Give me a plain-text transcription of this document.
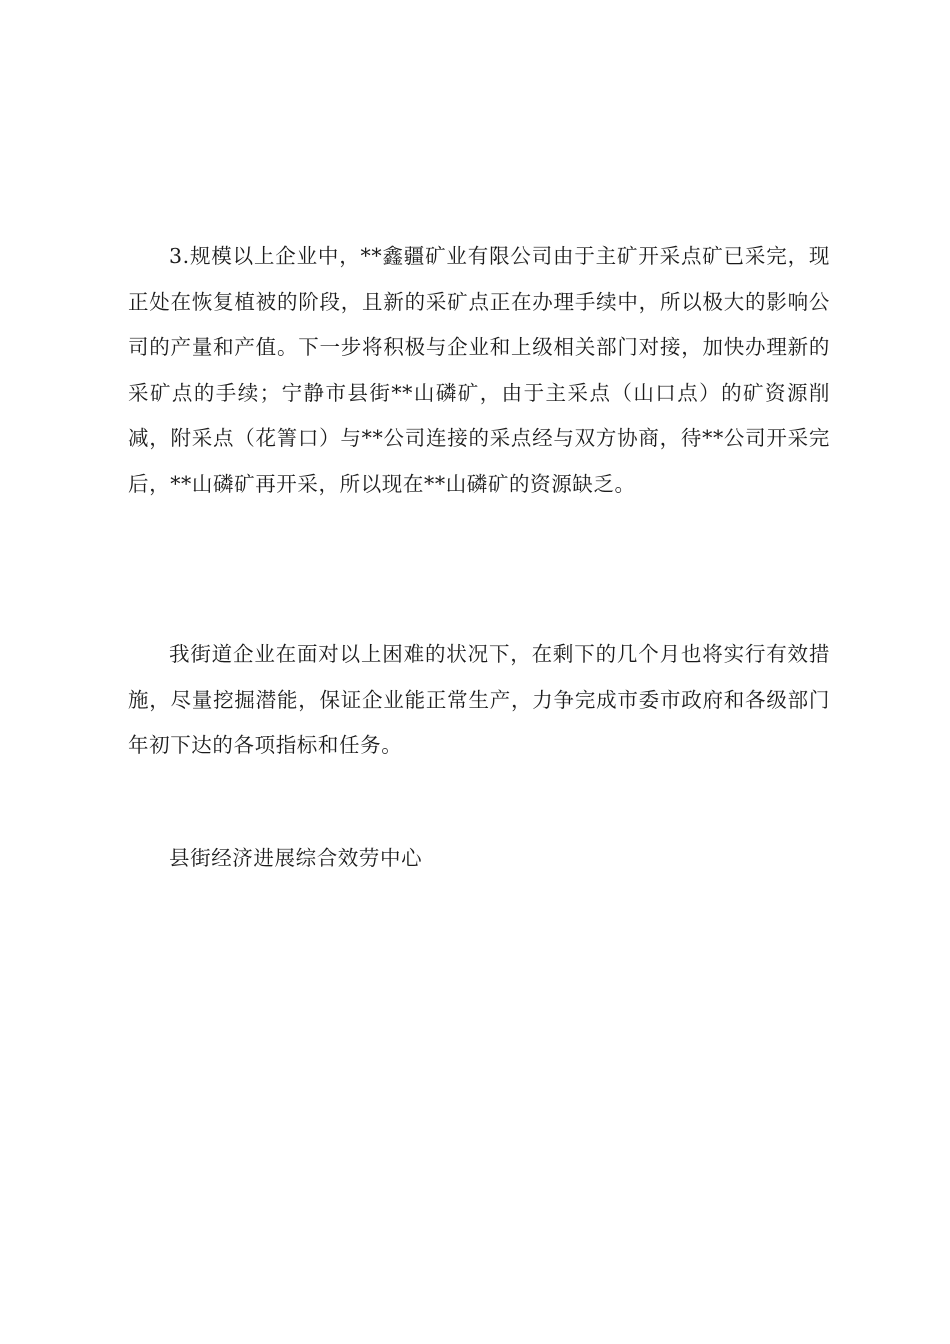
3.规模以上企业中，**鑫疆矿业有限公司由于主矿开采点矿已采完，现正处在恢复植被的阶段，且新的采矿点正在办理手续中，所以极大的影响公司的产量和产值。下一步将积极与企业和上级相关部门对接，加快办理新的采矿点的手续；宁静市县街**山磷矿，由于主采点（山口点）的矿资源削减，附采点（花箐口）与**公司连接的采点经与双方协商，待**公司开采完后，**山磷矿再开采，所以现在**山磷矿的资源缺乏。

我街道企业在面对以上困难的状况下，在剩下的几个月也将实行有效措施，尽量挖掘潜能，保证企业能正常生产，力争完成市委市政府和各级部门年初下达的各项指标和任务。

县街经济进展综合效劳中心
